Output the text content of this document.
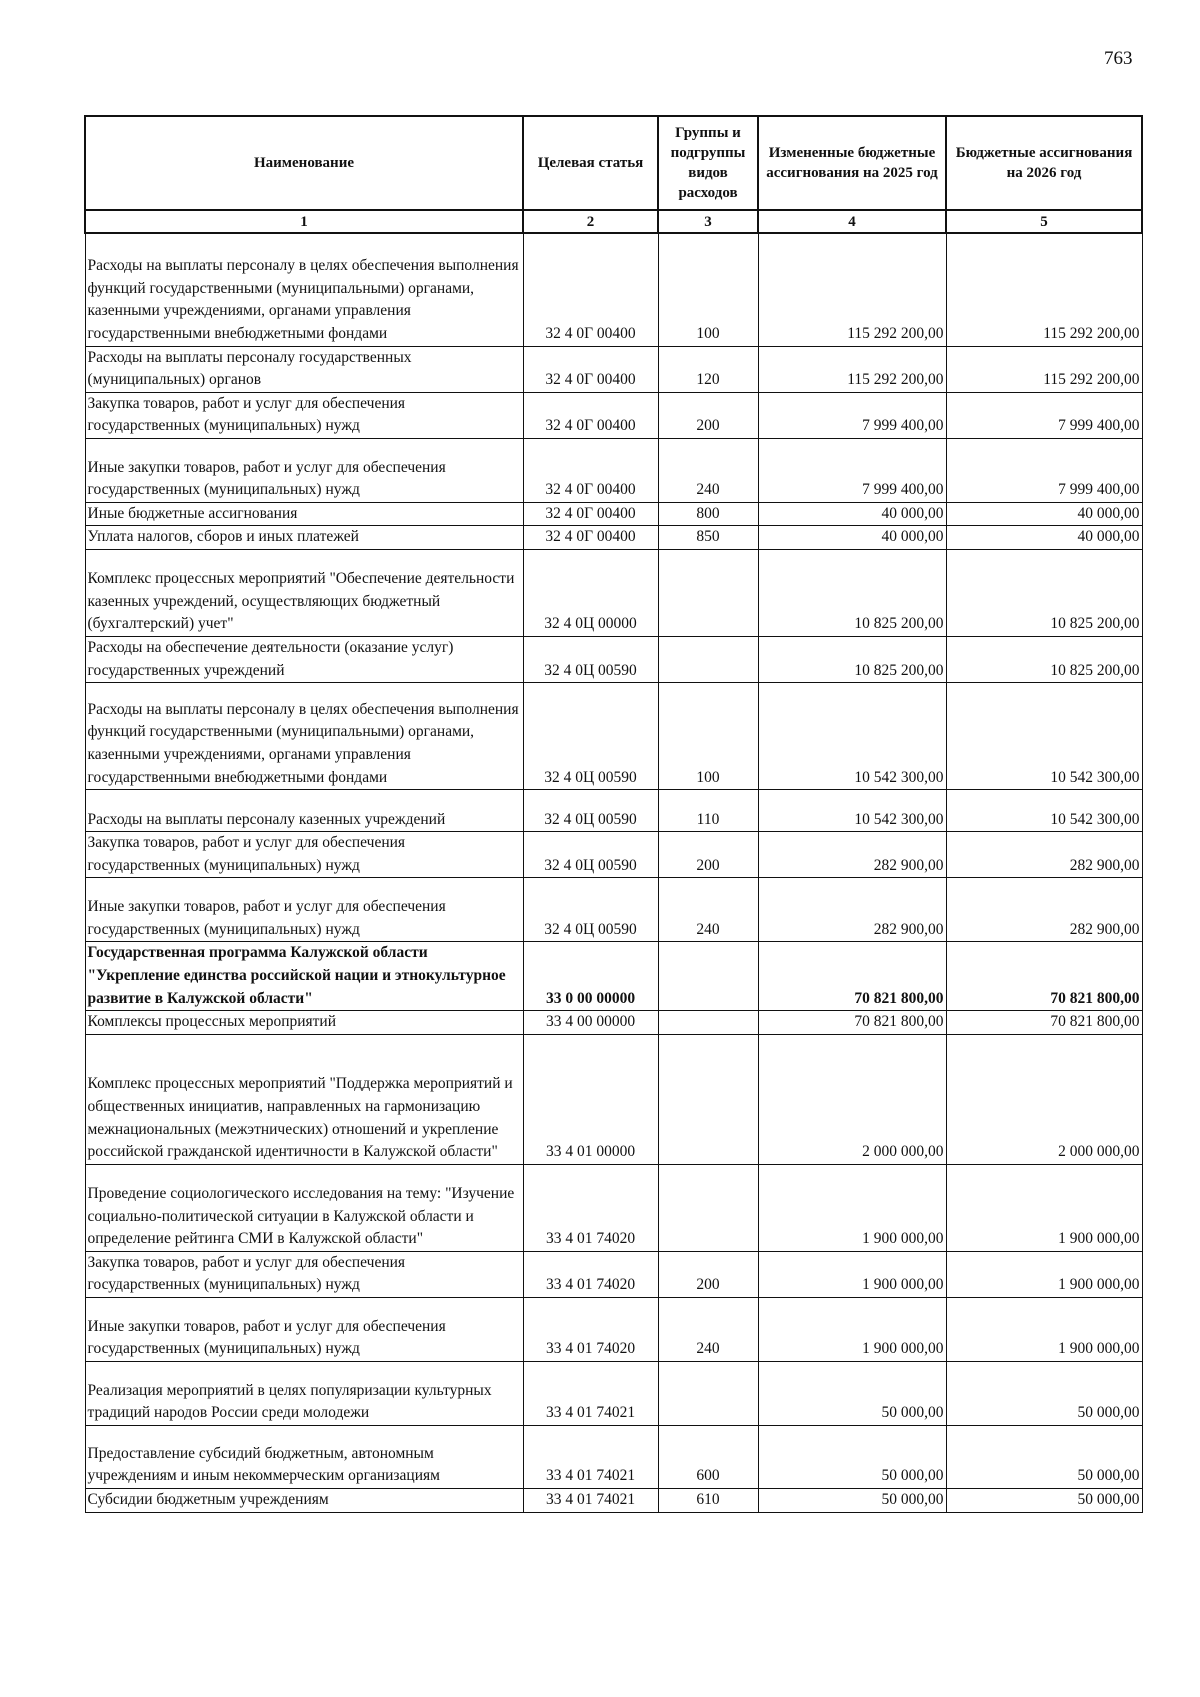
763
Наименование	Целевая статья	Группы и подгруппы видов расходов	Измененные бюджетные ассигнования на 2025 год	Бюджетные ассигнования на 2026 год
1	2	3	4	5
Расходы на выплаты персоналу в целях обеспечения выполнения функций государственными (муниципальными) органами, казенными учреждениями, органами управления государственными внебюджетными фондами	32 4 0Г 00400	100	115 292 200,00	115 292 200,00
Расходы на выплаты персоналу государственных (муниципальных) органов	32 4 0Г 00400	120	115 292 200,00	115 292 200,00
Закупка товаров, работ и услуг для обеспечения государственных (муниципальных) нужд	32 4 0Г 00400	200	7 999 400,00	7 999 400,00
Иные закупки товаров, работ и услуг для обеспечения государственных (муниципальных) нужд	32 4 0Г 00400	240	7 999 400,00	7 999 400,00
Иные бюджетные ассигнования	32 4 0Г 00400	800	40 000,00	40 000,00
Уплата налогов, сборов и иных платежей	32 4 0Г 00400	850	40 000,00	40 000,00
Комплекс процессных мероприятий "Обеспечение деятельности казенных учреждений, осуществляющих бюджетный (бухгалтерский) учет"	32 4 0Ц 00000		10 825 200,00	10 825 200,00
Расходы на обеспечение деятельности (оказание услуг) государственных учреждений	32 4 0Ц 00590		10 825 200,00	10 825 200,00
Расходы на выплаты персоналу в целях обеспечения выполнения функций государственными (муниципальными) органами, казенными учреждениями, органами управления государственными внебюджетными фондами	32 4 0Ц 00590	100	10 542 300,00	10 542 300,00
Расходы на выплаты персоналу казенных учреждений	32 4 0Ц 00590	110	10 542 300,00	10 542 300,00
Закупка товаров, работ и услуг для обеспечения государственных (муниципальных) нужд	32 4 0Ц 00590	200	282 900,00	282 900,00
Иные закупки товаров, работ и услуг для обеспечения государственных (муниципальных) нужд	32 4 0Ц 00590	240	282 900,00	282 900,00
Государственная программа Калужской области "Укрепление единства российской нации и этнокультурное развитие в Калужской области"	33 0 00 00000		70 821 800,00	70 821 800,00
Комплексы процессных мероприятий	33 4 00 00000		70 821 800,00	70 821 800,00
Комплекс процессных мероприятий "Поддержка мероприятий и общественных инициатив, направленных на гармонизацию межнациональных (межэтнических) отношений и укрепление российской гражданской идентичности в Калужской области"	33 4 01 00000		2 000 000,00	2 000 000,00
Проведение социологического исследования на тему: "Изучение социально-политической ситуации в Калужской области и определение рейтинга СМИ в Калужской области"	33 4 01 74020		1 900 000,00	1 900 000,00
Закупка товаров, работ и услуг для обеспечения государственных (муниципальных) нужд	33 4 01 74020	200	1 900 000,00	1 900 000,00
Иные закупки товаров, работ и услуг для обеспечения государственных (муниципальных) нужд	33 4 01 74020	240	1 900 000,00	1 900 000,00
Реализация мероприятий в целях популяризации культурных традиций народов России среди молодежи	33 4 01 74021		50 000,00	50 000,00
Предоставление субсидий бюджетным, автономным учреждениям и иным некоммерческим организациям	33 4 01 74021	600	50 000,00	50 000,00
Субсидии бюджетным учреждениям	33 4 01 74021	610	50 000,00	50 000,00
